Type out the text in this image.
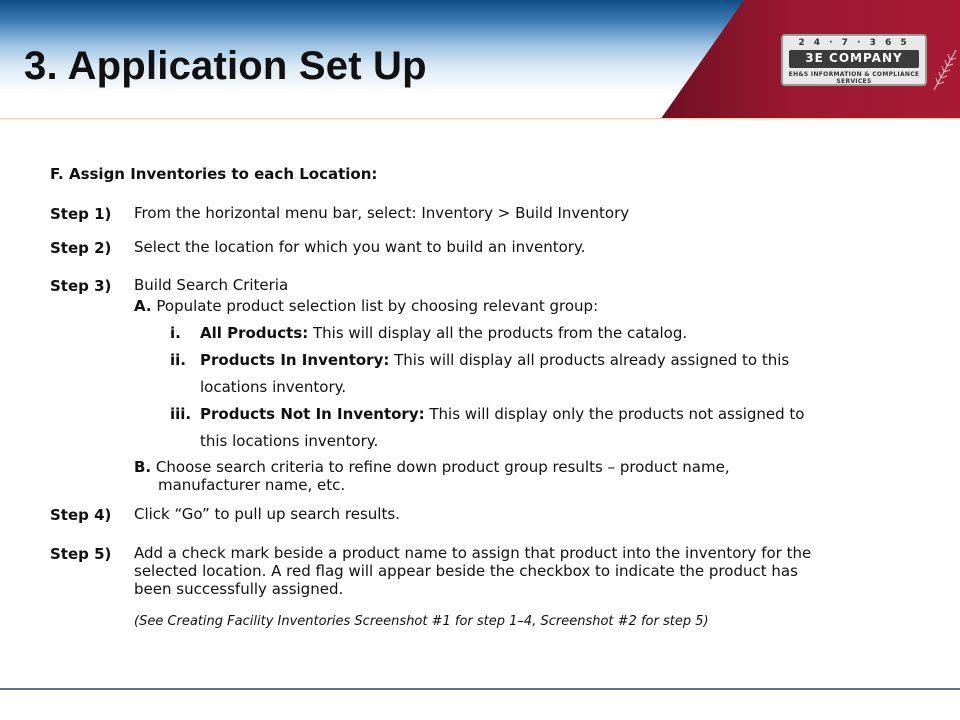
3. Application Set Up
2 4 · 7 · 3 6 5
3E COMPANY
EH&S INFORMATION & COMPLIANCE SERVICES
F. Assign Inventories to each Location:
Step 1) From the horizontal menu bar, select: Inventory > Build Inventory
Step 2) Select the location for which you want to build an inventory.
Step 3) Build Search Criteria
A. Populate product selection list by choosing relevant group:
i. All Products: This will display all the products from the catalog.
ii. Products In Inventory: This will display all products already assigned to this
locations inventory.
iii. Products Not In Inventory: This will display only the products not assigned to
this locations inventory.
B. Choose search criteria to refine down product group results – product name,
manufacturer name, etc.
Step 4) Click “Go” to pull up search results.
Step 5) Add a check mark beside a product name to assign that product into the inventory for the
selected location. A red flag will appear beside the checkbox to indicate the product has
been successfully assigned.
(See Creating Facility Inventories Screenshot #1 for step 1–4, Screenshot #2 for step 5)
